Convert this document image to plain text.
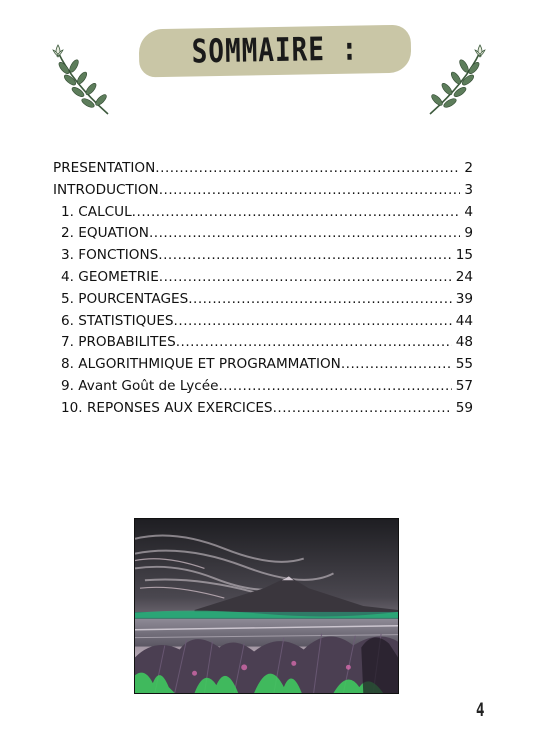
SOMMAIRE :
PRESENTATION .....	2
INTRODUCTION .....	3
1. CALCUL .....	4
2. EQUATION .....	9
3. FONCTIONS .....	15
4. GEOMETRIE .....	24
5. POURCENTAGES .....	39
6. STATISTIQUES .....	44
7. PROBABILITES .....	48
8. ALGORITHMIQUE ET PROGRAMMATION .....	55
9. Avant Goût de Lycée .....	57
10. REPONSES AUX EXERCICES .....	59
4
